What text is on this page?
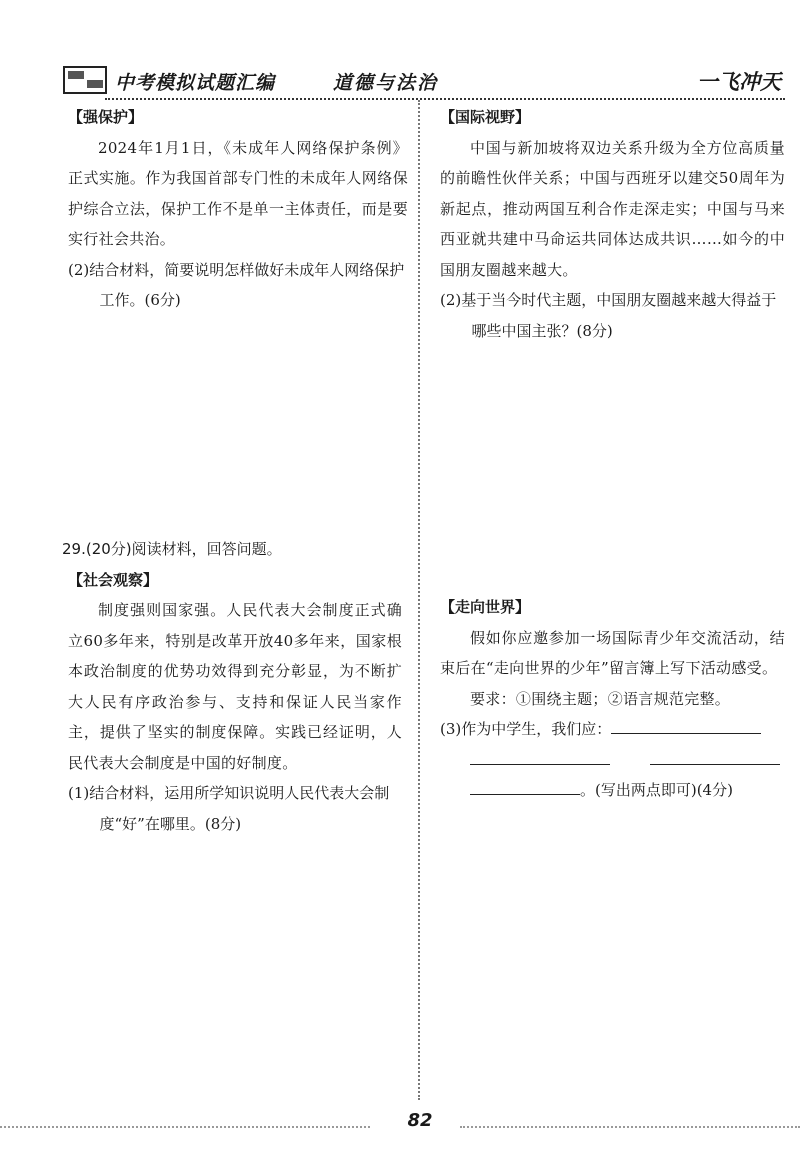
中考模拟试题汇编	道德与法治	一飞冲天
【强保护】

2024年1月1日，《未成年人网络保护条例》正式实施。作为我国首部专门性的未成年人网络保护综合立法，保护工作不是单一主体责任，而是要实行社会共治。

(2)结合材料，简要说明怎样做好未成年人网络保护工作。(6分)

29.(20分)阅读材料，回答问题。
【社会观察】

制度强则国家强。人民代表大会制度正式确立60多年来，特别是改革开放40多年来，国家根本政治制度的优势功效得到充分彰显，为不断扩大人民有序政治参与、支持和保证人民当家作主，提供了坚实的制度保障。实践已经证明，人民代表大会制度是中国的好制度。

(1)结合材料，运用所学知识说明人民代表大会制度“好”在哪里。(8分)

【国际视野】

中国与新加坡将双边关系升级为全方位高质量的前瞻性伙伴关系；中国与西班牙以建交50周年为新起点，推动两国互利合作走深走实；中国与马来西亚就共建中马命运共同体达成共识……如今的中国朋友圈越来越大。

(2)基于当今时代主题，中国朋友圈越来越大得益于哪些中国主张？(8分)

【走向世界】

假如你应邀参加一场国际青少年交流活动，结束后在“走向世界的少年”留言簿上写下活动感受。

要求：①围绕主题；②语言规范完整。

(3)作为中学生，我们应：

。(写出两点即可)(4分)

82
